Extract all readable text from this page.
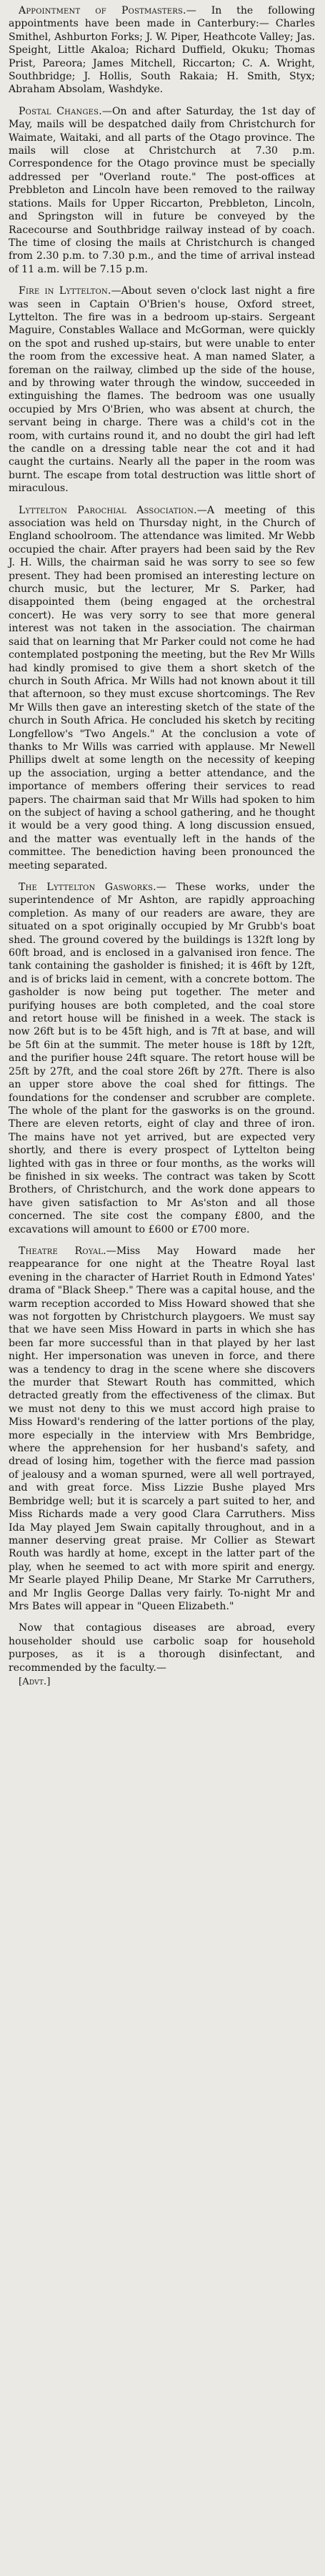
Appointment of Postmasters.— In the following appointments have been made in Canterbury:— Charles Smithel, Ashburton Forks; J. W. Piper, Heathcote Valley; Jas. Speight, Little Akaloa; Richard Duffield, Okuku; Thomas Prist, Pareora; James Mitchell, Riccarton; C. A. Wright, Southbridge; J. Hollis, South Rakaia; H. Smith, Styx; Abraham Absolam, Washdyke.

Postal Changes.—On and after Saturday, the 1st day of May, mails will be despatched daily from Christchurch for Waimate, Waitaki, and all parts of the Otago province. The mails will close at Christchurch at 7.30 p.m. Correspondence for the Otago province must be specially addressed per "Overland route." The post-offices at Prebbleton and Lincoln have been removed to the railway stations. Mails for Upper Riccarton, Prebbleton, Lincoln, and Springston will in future be conveyed by the Racecourse and Southbridge railway instead of by coach. The time of closing the mails at Christchurch is changed from 2.30 p.m. to 7.30 p.m., and the time of arrival instead of 11 a.m. will be 7.15 p.m.

Fire in Lyttelton.—About seven o'clock last night a fire was seen in Captain O'Brien's house, Oxford street, Lyttelton. The fire was in a bedroom up-stairs. Sergeant Maguire, Constables Wallace and McGorman, were quickly on the spot and rushed up-stairs, but were unable to enter the room from the excessive heat. A man named Slater, a foreman on the railway, climbed up the side of the house, and by throwing water through the window, succeeded in extinguishing the flames. The bedroom was one usually occupied by Mrs O'Brien, who was absent at church, the servant being in charge. There was a child's cot in the room, with curtains round it, and no doubt the girl had left the candle on a dressing table near the cot and it had caught the curtains. Nearly all the paper in the room was burnt. The escape from total destruction was little short of miraculous.

Lyttelton Parochial Association.—A meeting of this association was held on Thursday night, in the Church of England schoolroom. The attendance was limited. Mr Webb occupied the chair. After prayers had been said by the Rev J. H. Wills, the chairman said he was sorry to see so few present. They had been promised an interesting lecture on church music, but the lecturer, Mr S. Parker, had disappointed them (being engaged at the orchestral concert). He was very sorry to see that more general interest was not taken in the association. The chairman said that on learning that Mr Parker could not come he had contemplated postponing the meeting, but the Rev Mr Wills had kindly promised to give them a short sketch of the church in South Africa. Mr Wills had not known about it till that afternoon, so they must excuse shortcomings. The Rev Mr Wills then gave an interesting sketch of the state of the church in South Africa. He concluded his sketch by reciting Longfellow's "Two Angels." At the conclusion a vote of thanks to Mr Wills was carried with applause. Mr Newell Phillips dwelt at some length on the necessity of keeping up the association, urging a better attendance, and the importance of members offering their services to read papers. The chairman said that Mr Wills had spoken to him on the subject of having a school gathering, and he thought it would be a very good thing. A long discussion ensued, and the matter was eventually left in the hands of the committee. The benediction having been pronounced the meeting separated.

The Lyttelton Gasworks.— These works, under the superintendence of Mr Ashton, are rapidly approaching completion. As many of our readers are aware, they are situated on a spot originally occupied by Mr Grubb's boat shed. The ground covered by the buildings is 132ft long by 60ft broad, and is enclosed in a galvanised iron fence. The tank containing the gasholder is finished; it is 46ft by 12ft, and is of bricks laid in cement, with a concrete bottom. The gasholder is now being put together. The meter and purifying houses are both completed, and the coal store and retort house will be finished in a week. The stack is now 26ft but is to be 45ft high, and is 7ft at base, and will be 5ft 6in at the summit. The meter house is 18ft by 12ft, and the purifier house 24ft square. The retort house will be 25ft by 27ft, and the coal store 26ft by 27ft. There is also an upper store above the coal shed for fittings. The foundations for the condenser and scrubber are complete. The whole of the plant for the gasworks is on the ground. There are eleven retorts, eight of clay and three of iron. The mains have not yet arrived, but are expected very shortly, and there is every prospect of Lyttelton being lighted with gas in three or four months, as the works will be finished in six weeks. The contract was taken by Scott Brothers, of Christchurch, and the work done appears to have given satisfaction to Mr As'ston and all those concerned. The site cost the company £800, and the excavations will amount to £600 or £700 more.

Theatre Royal.—Miss May Howard made her reappearance for one night at the Theatre Royal last evening in the character of Harriet Routh in Edmond Yates' drama of "Black Sheep." There was a capital house, and the warm reception accorded to Miss Howard showed that she was not forgotten by Christchurch playgoers. We must say that we have seen Miss Howard in parts in which she has been far more successful than in that played by her last night. Her impersonation was uneven in force, and there was a tendency to drag in the scene where she discovers the murder that Stewart Routh has committed, which detracted greatly from the effectiveness of the climax. But we must not deny to this we must accord high praise to Miss Howard's rendering of the latter portions of the play, more especially in the interview with Mrs Bembridge, where the apprehension for her husband's safety, and dread of losing him, together with the fierce mad passion of jealousy and a woman spurned, were all well portrayed, and with great force. Miss Lizzie Bushe played Mrs Bembridge well; but it is scarcely a part suited to her, and Miss Richards made a very good Clara Carruthers. Miss Ida May played Jem Swain capitally throughout, and in a manner deserving great praise. Mr Collier as Stewart Routh was hardly at home, except in the latter part of the play, when he seemed to act with more spirit and energy. Mr Searle played Philip Deane, Mr Starke Mr Carruthers, and Mr Inglis George Dallas very fairly. To-night Mr and Mrs Bates will appear in "Queen Elizabeth."

Now that contagious diseases are abroad, every householder should use carbolic soap for household purposes, as it is a thorough disinfectant, and recommended by the faculty.—
[Advt.]
